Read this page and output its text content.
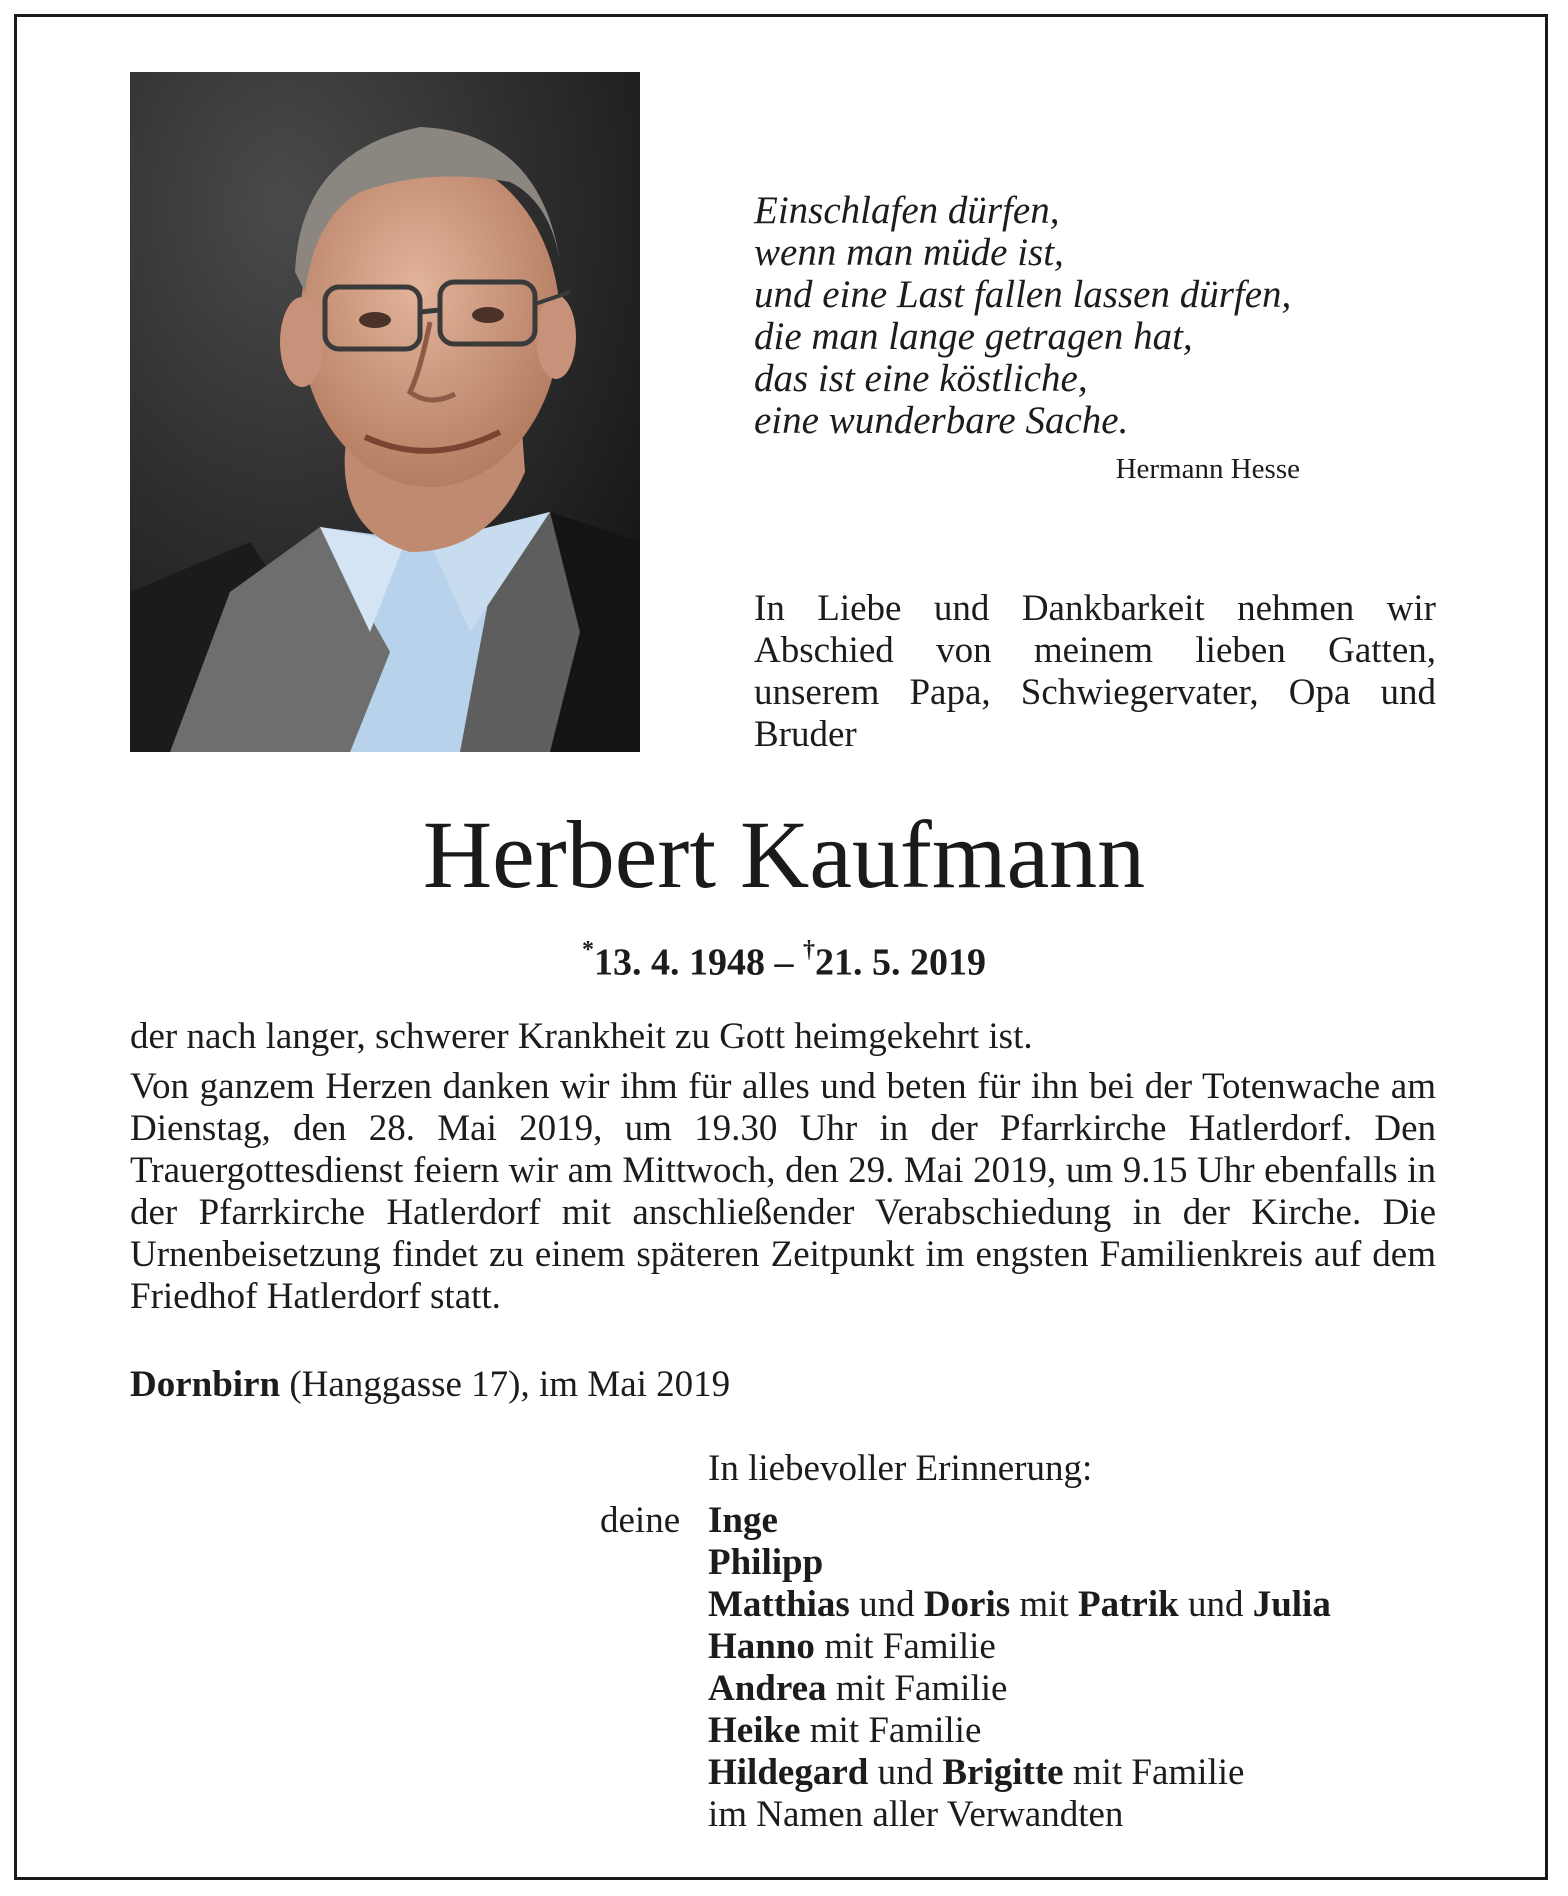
Einschlafen dürfen,
wenn man müde ist,
und eine Last fallen lassen dürfen,
die man lange getragen hat,
das ist eine köstliche,
eine wunderbare Sache.
Hermann Hesse
In Liebe und Dankbarkeit nehmen wir Abschied von meinem lieben Gatten, unserem Papa, Schwiegervater, Opa und Bruder
Herbert Kaufmann
*13. 4. 1948 – †21. 5. 2019

der nach langer, schwerer Krankheit zu Gott heimgekehrt ist.

Von ganzem Herzen danken wir ihm für alles und beten für ihn bei der Totenwache am Dienstag, den 28. Mai 2019, um 19.30 Uhr in der Pfarrkirche Hatlerdorf. Den Trauergottesdienst feiern wir am Mittwoch, den 29. Mai 2019, um 9.15 Uhr ebenfalls in der Pfarrkirche Hatlerdorf mit anschließender Verabschiedung in der Kirche. Die Urnenbeisetzung findet zu einem späteren Zeitpunkt im engsten Familienkreis auf dem Friedhof Hatlerdorf statt.

Dornbirn (Hanggasse 17), im Mai 2019
In liebevoller Erinnerung:
deine Inge
Philipp
Matthias und Doris mit Patrik und Julia
Hanno mit Familie
Andrea mit Familie
Heike mit Familie
Hildegard und Brigitte mit Familie
im Namen aller Verwandten
